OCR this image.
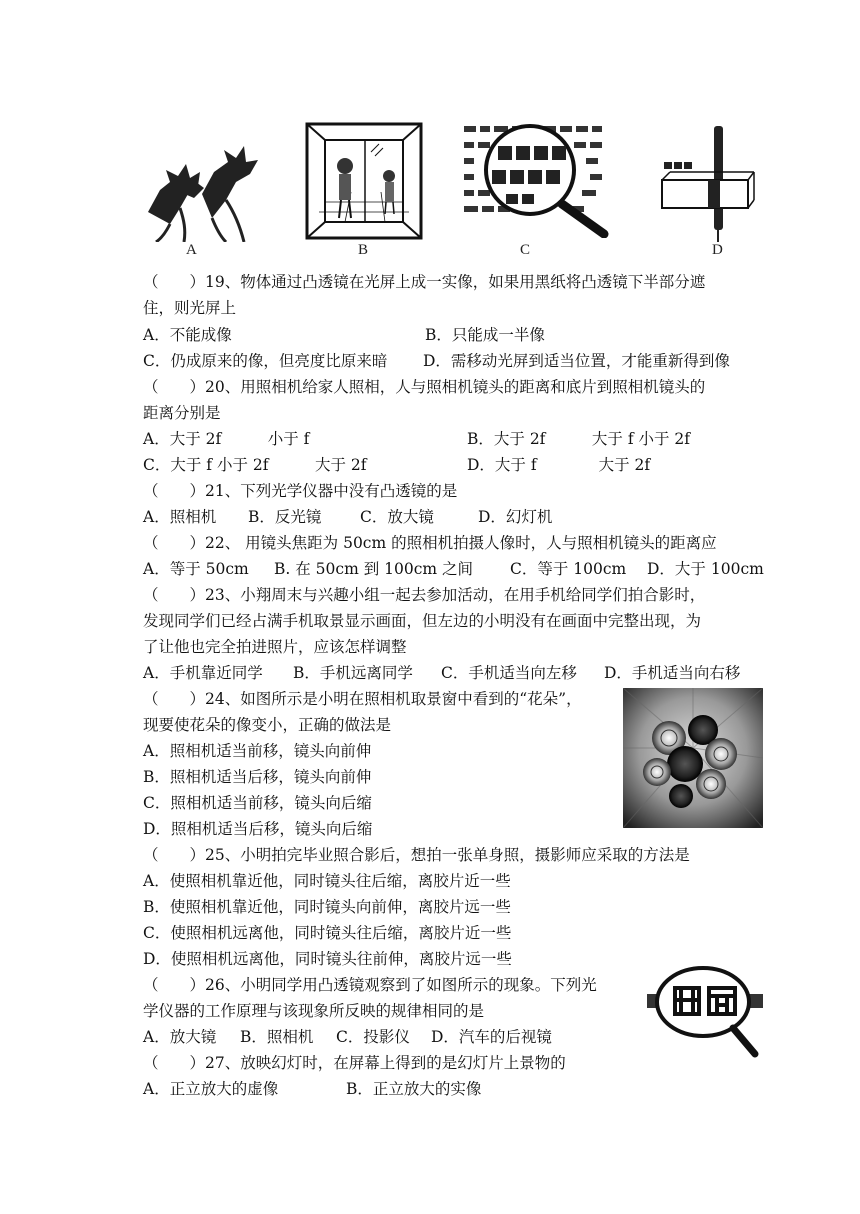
A	B	C	D
（　　）19、物体通过凸透镜在光屏上成一实像，如果用黑纸将凸透镜下半部分遮
住，则光屏上
A．不能成像	B．只能成一半像
C．仍成原来的像，但亮度比原来暗 D．需移动光屏到适当位置，才能重新得到像
（　　）20、用照相机给家人照相，人与照相机镜头的距离和底片到照相机镜头的
距离分别是
A．大于 2f　　　小于 f	B．大于 2f　　　大于 f 小于 2f
C．大于 f 小于 2f　　　大于 2f	D．大于 f　　　　大于 2f
（　　）21、下列光学仪器中没有凸透镜的是
A．照相机 B．反光镜 C．放大镜	D．幻灯机
（　　）22、 用镜头焦距为 50cm 的照相机拍摄人像时，人与照相机镜头的距离应
A．等于 50cm B. 在 50cm 到 100cm 之间 C．等于 100cm D．大于 100cm
（　　）23、小翔周末与兴趣小组一起去参加活动，在用手机给同学们拍合影时，
发现同学们已经占满手机取景显示画面，但左边的小明没有在画面中完整出现，为
了让他也完全拍进照片，应该怎样调整
A．手机靠近同学 B．手机远离同学 C．手机适当向左移 D．手机适当向右移
（　　）24、如图所示是小明在照相机取景窗中看到的“花朵”，
现要使花朵的像变小，正确的做法是
A．照相机适当前移，镜头向前伸
B．照相机适当后移，镜头向前伸
C．照相机适当前移，镜头向后缩
D．照相机适当后移，镜头向后缩
（　　）25、小明拍完毕业照合影后，想拍一张单身照，摄影师应采取的方法是
A．使照相机靠近他，同时镜头往后缩，离胶片近一些
B．使照相机靠近他，同时镜头向前伸，离胶片远一些
C．使照相机远离他，同时镜头往后缩，离胶片近一些
D．使照相机远离他，同时镜头往前伸，离胶片远一些
（　　）26、小明同学用凸透镜观察到了如图所示的现象。下列光
学仪器的工作原理与该现象所反映的规律相同的是
A．放大镜 B．照相机 C．投影仪 D．汽车的后视镜
（　　）27、放映幻灯时，在屏幕上得到的是幻灯片上景物的
A．正立放大的虚像	B．正立放大的实像
